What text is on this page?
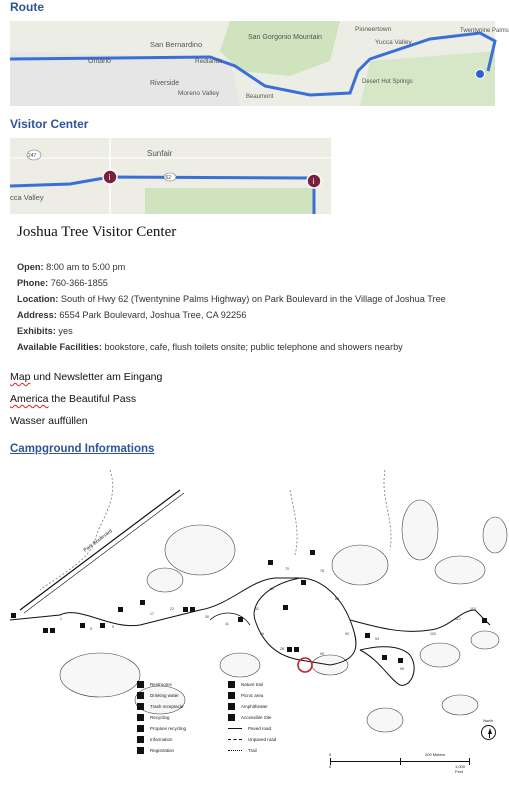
Route
San Gorgonio Mountain
Pioneertown
Yucca Valley
Twentynine Palms
San Bernardino
Ontario	Redlands
Riverside
Moreno Valley	Beaumont
Desert Hot Springs
Visitor Center
i	i
62
247	Sunfair
cca Valley
Joshua Tree Visitor Center
Open: 8:00 am to 5:00 pm
Phone: 760-366-1855
Location: South of Hwy 62 (Twentynine Palms Highway) on Park Boulevard in the Village of Joshua Tree
Address: 6554 Park Boulevard, Joshua Tree, CA 92256
Exhibits: yes
Available Facilities: bookstore, cafe, flush toilets onsite; public telephone and showers nearby
Map und Newsletter am Eingang
America the Beautiful Pass
Wasser auffüllen
Campground Informations
Park Boulevard
1
5	9
17
22
30
41
52
60
70	78
85
90
95
28
94
99
103
110
115
36
Restrooms
Drinking water
Trash receptacle
Recycling
Propane recycling
Information
Registration
Nature trail
Picnic area
Amphitheater
Accessible Site
Paved road
Unpaved road
Trail
0	200 Meters
0	1,000 Feet
North
